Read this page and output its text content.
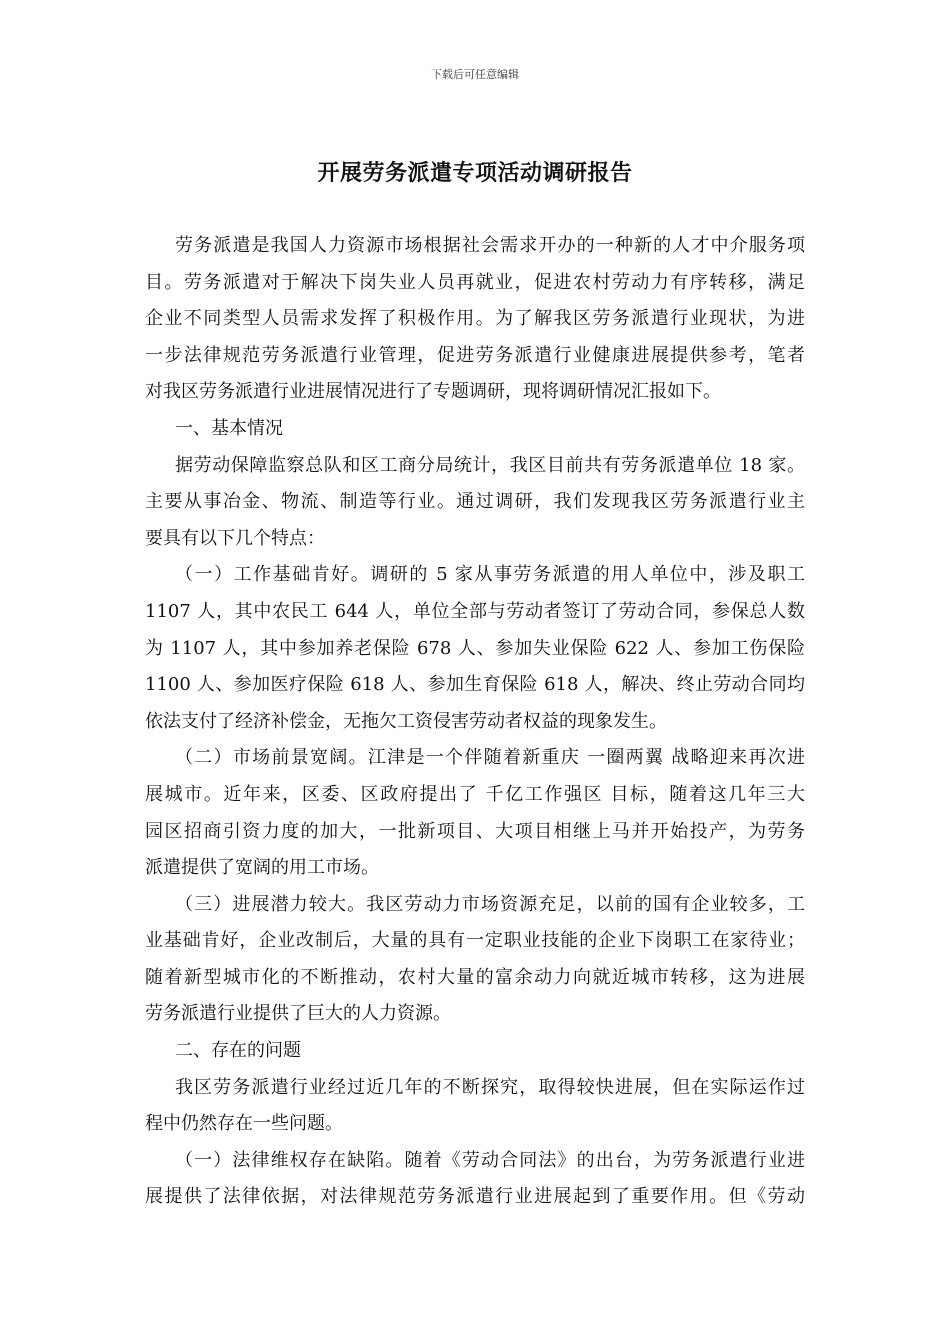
下载后可任意编辑
开展劳务派遣专项活动调研报告
劳务派遣是我国人力资源市场根据社会需求开办的一种新的人才中介服务项
目。劳务派遣对于解决下岗失业人员再就业，促进农村劳动力有序转移，满足
企业不同类型人员需求发挥了积极作用。为了解我区劳务派遣行业现状，为进
一步法律规范劳务派遣行业管理，促进劳务派遣行业健康进展提供参考，笔者
对我区劳务派遣行业进展情况进行了专题调研，现将调研情况汇报如下。
一、基本情况
据劳动保障监察总队和区工商分局统计，我区目前共有劳务派遣单位 18 家。
主要从事冶金、物流、制造等行业。通过调研，我们发现我区劳务派遣行业主
要具有以下几个特点：
（一）工作基础肯好。调研的 5 家从事劳务派遣的用人单位中，涉及职工
1107 人，其中农民工 644 人，单位全部与劳动者签订了劳动合同，参保总人数
为 1107 人，其中参加养老保险 678 人、参加失业保险 622 人、参加工伤保险
1100 人、参加医疗保险 618 人、参加生育保险 618 人，解决、终止劳动合同均
依法支付了经济补偿金，无拖欠工资侵害劳动者权益的现象发生。
（二）市场前景宽阔。江津是一个伴随着新重庆 一圈两翼 战略迎来再次进
展城市。近年来，区委、区政府提出了 千亿工作强区 目标，随着这几年三大
园区招商引资力度的加大，一批新项目、大项目相继上马并开始投产，为劳务
派遣提供了宽阔的用工市场。
（三）进展潜力较大。我区劳动力市场资源充足，以前的国有企业较多，工
业基础肯好，企业改制后，大量的具有一定职业技能的企业下岗职工在家待业；
随着新型城市化的不断推动，农村大量的富余动力向就近城市转移，这为进展
劳务派遣行业提供了巨大的人力资源。
二、存在的问题
我区劳务派遣行业经过近几年的不断探究，取得较快进展，但在实际运作过
程中仍然存在一些问题。
（一）法律维权存在缺陷。随着《劳动合同法》的出台，为劳务派遣行业进
展提供了法律依据，对法律规范劳务派遣行业进展起到了重要作用。但《劳动
